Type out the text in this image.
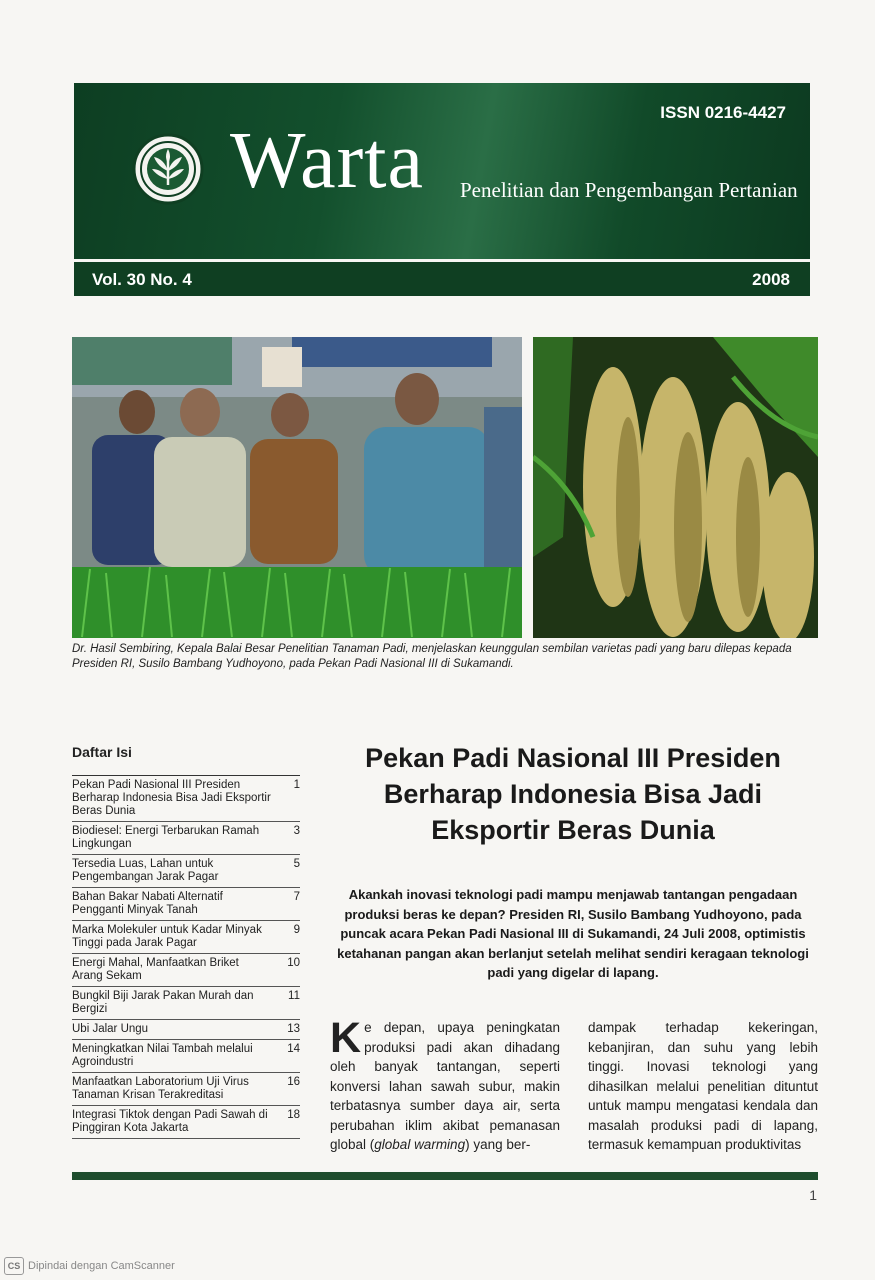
ISSN 0216-4427
Warta Penelitian dan Pengembangan Pertanian
Vol. 30 No. 4	2008
Dr. Hasil Sembiring, Kepala Balai Besar Penelitian Tanaman Padi, menjelaskan keunggulan sembilan varietas padi yang baru dilepas kepada Presiden RI, Susilo Bambang Yudhoyono, pada Pekan Padi Nasional III di Sukamandi.
Daftar Isi
Pekan Padi Nasional III Presiden Berharap Indonesia Bisa Jadi Eksportir Beras Dunia
1
Biodiesel: Energi Terbarukan Ramah Lingkungan
3
Tersedia Luas, Lahan untuk Pengembangan Jarak Pagar
5
Bahan Bakar Nabati Alternatif Pengganti Minyak Tanah
7
Marka Molekuler untuk Kadar Minyak Tinggi pada Jarak Pagar
9
Energi Mahal, Manfaatkan Briket Arang Sekam
10
Bungkil Biji Jarak Pakan Murah dan Bergizi
11
Ubi Jalar Ungu	13
Meningkatkan Nilai Tambah melalui Agroindustri
14
Manfaatkan Laboratorium Uji Virus Tanaman Krisan Terakreditasi
16
Integrasi Tiktok dengan Padi Sawah di Pinggiran Kota Jakarta
18
Pekan Padi Nasional III Presiden Berharap Indonesia Bisa Jadi Eksportir Beras Dunia
Akankah inovasi teknologi padi mampu menjawab tantangan pengadaan produksi beras ke depan? Presiden RI, Susilo Bambang Yudhoyono, pada puncak acara Pekan Padi Nasional III di Sukamandi, 24 Juli 2008, optimistis ketahanan pangan akan berlanjut setelah melihat sendiri keragaan teknologi padi yang digelar di lapang.
Ke depan, upaya peningkatan produksi padi akan dihadang oleh banyak tantangan, seperti konversi lahan sawah subur, makin terbatasnya sumber daya air, serta perubahan iklim akibat pemanasan global (global warming) yang ber-
dampak terhadap kekeringan, kebanjiran, dan suhu yang lebih tinggi. Inovasi teknologi yang dihasilkan melalui penelitian dituntut untuk mampu mengatasi kendala dan masalah produksi padi di lapang, termasuk kemampuan produktivitas
1
CS Dipindai dengan CamScanner
